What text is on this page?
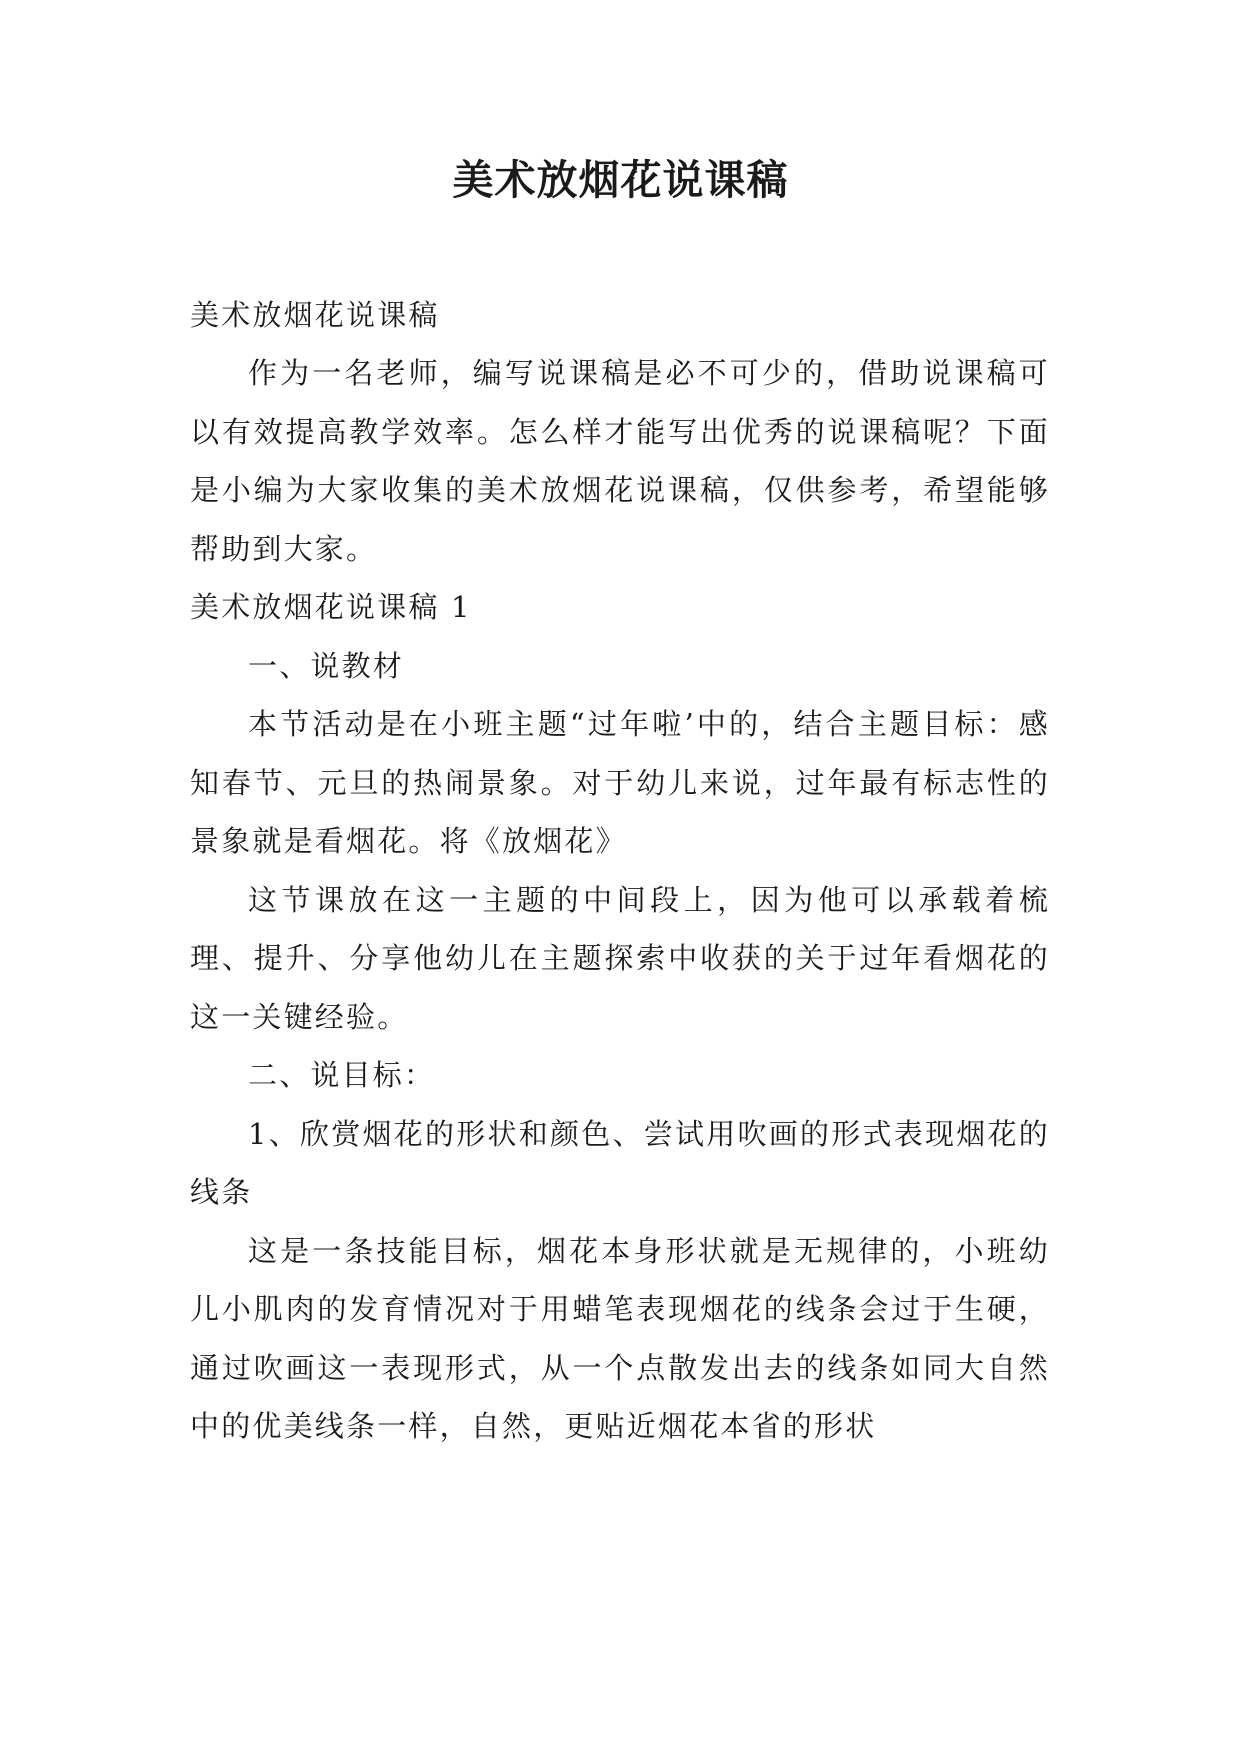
美术放烟花说课稿

美术放烟花说课稿

作为一名老师，编写说课稿是必不可少的，借助说课稿可以有效提高教学效率。怎么样才能写出优秀的说课稿呢？下面是小编为大家收集的美术放烟花说课稿，仅供参考，希望能够帮助到大家。

美术放烟花说课稿 1

一、说教材

本节活动是在小班主题“过年啦’中的，结合主题目标：感知春节、元旦的热闹景象。对于幼儿来说，过年最有标志性的景象就是看烟花。将《放烟花》

这节课放在这一主题的中间段上，因为他可以承载着梳理、提升、分享他幼儿在主题探索中收获的关于过年看烟花的这一关键经验。

二、说目标：

1、欣赏烟花的形状和颜色、尝试用吹画的形式表现烟花的线条

这是一条技能目标，烟花本身形状就是无规律的，小班幼儿小肌肉的发育情况对于用蜡笔表现烟花的线条会过于生硬，通过吹画这一表现形式，从一个点散发出去的线条如同大自然中的优美线条一样，自然，更贴近烟花本省的形状
